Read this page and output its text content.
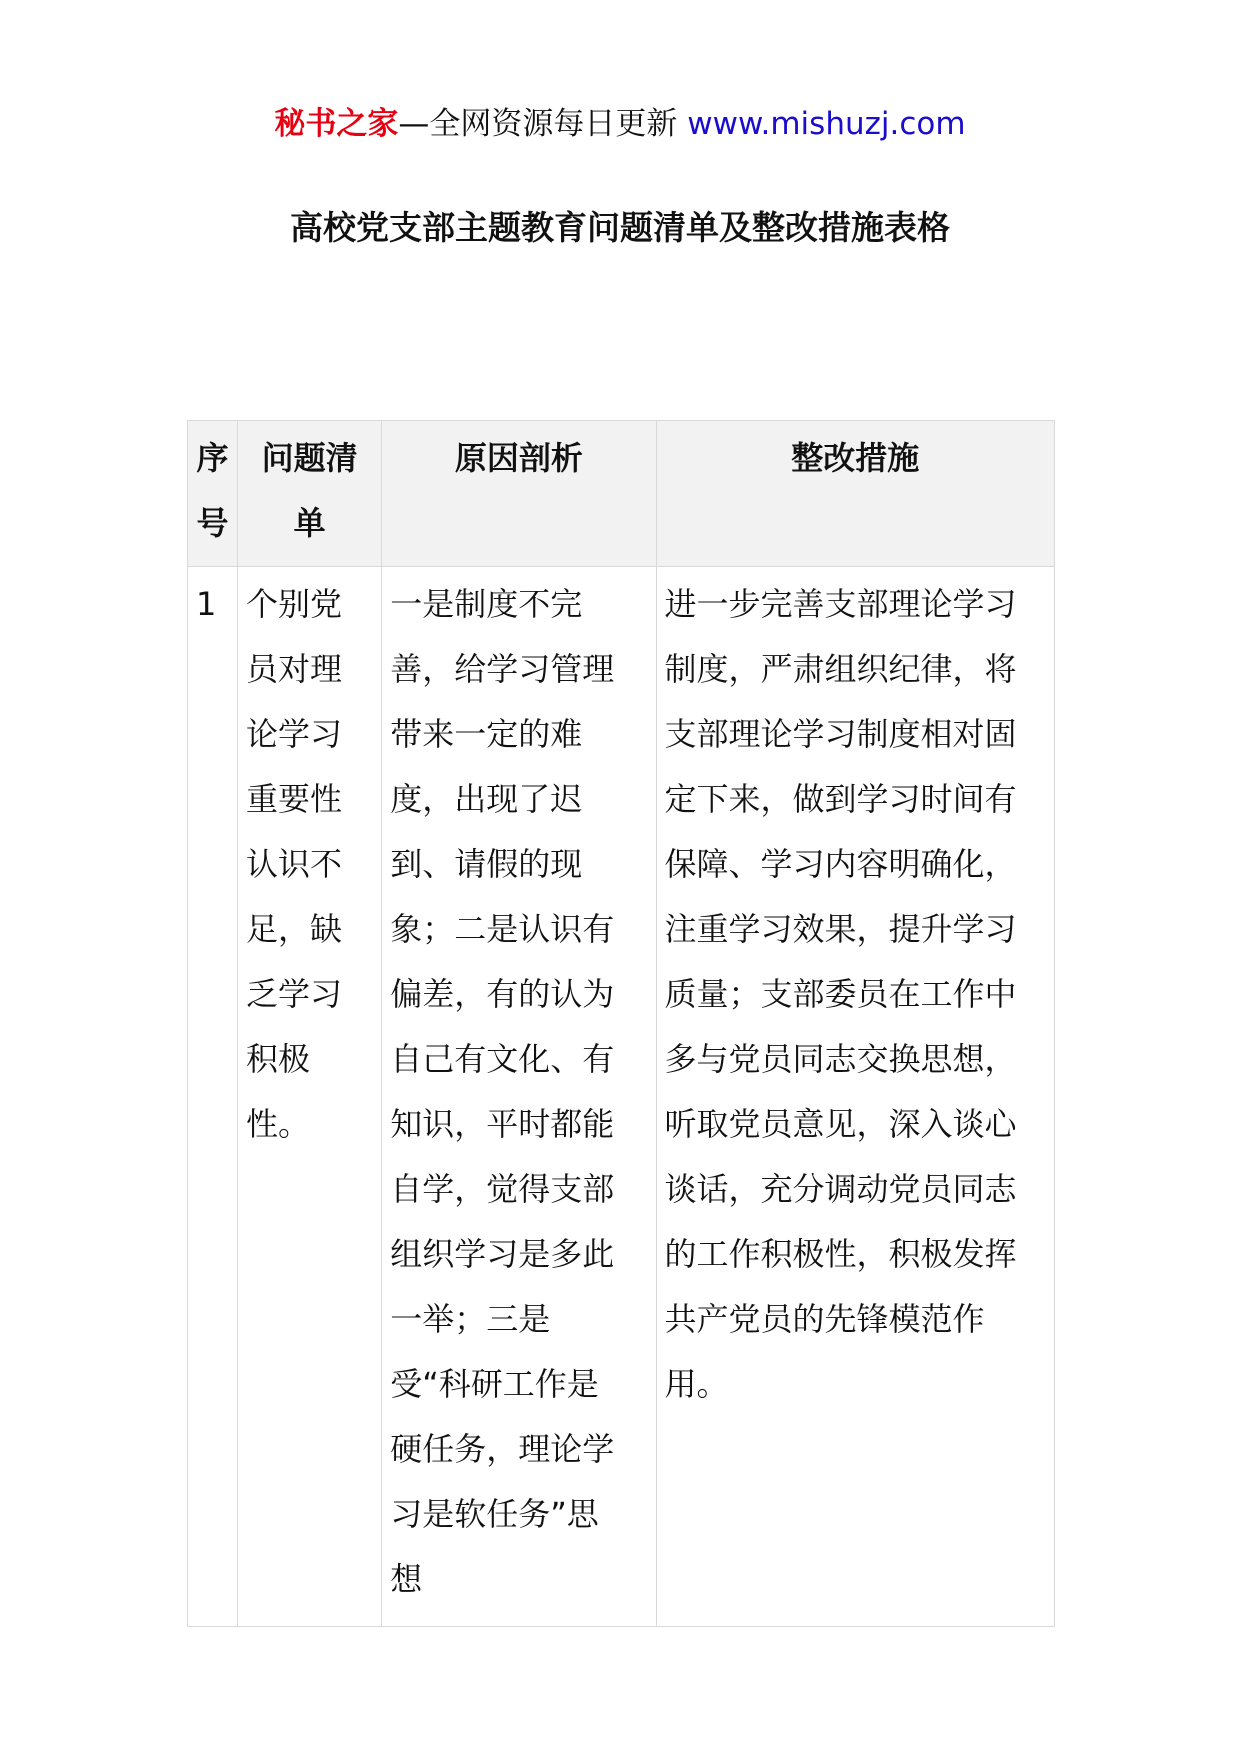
秘书之家—全网资源每日更新 www.mishuzj.com
高校党支部主题教育问题清单及整改措施表格
序号	问题清单	原因剖析	整改措施

1	个别党员对理论学习重要性认识不足，缺乏学习积极性。	一是制度不完善，给学习管理带来一定的难度，出现了迟到、请假的现象；二是认识有偏差，有的认为自己有文化、有知识，平时都能自学，觉得支部组织学习是多此一举；三是受“科研工作是硬任务，理论学习是软任务”思想	进一步完善支部理论学习制度，严肃组织纪律，将支部理论学习制度相对固定下来，做到学习时间有保障、学习内容明确化，注重学习效果，提升学习质量；支部委员在工作中多与党员同志交换思想，听取党员意见，深入谈心谈话，充分调动党员同志的工作积极性，积极发挥共产党员的先锋模范作用。
